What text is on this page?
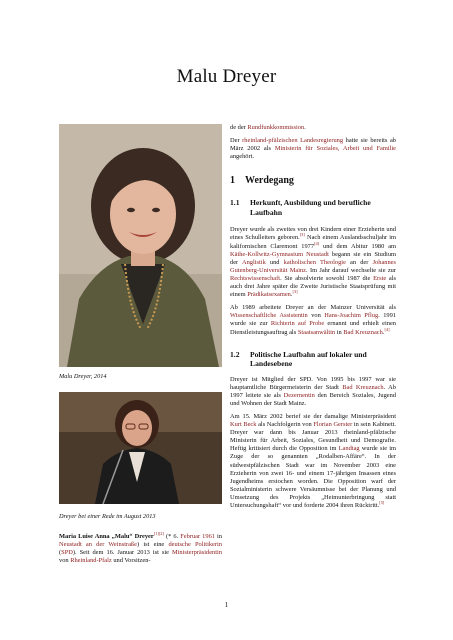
Malu Dreyer
Malu Dreyer, 2014
Dreyer bei einer Rede im August 2013

Maria Luise Anna „Malu“ Dreyer[1][2] (* 6. Februar 1961 in Neustadt an der Weinstraße) ist eine deutsche Politikerin (SPD). Seit dem 16. Januar 2013 ist sie Ministerpräsidentin von Rheinland-Pfalz und Vorsitzen-

de der Rundfunkkommission.

Der rheinland-pfälzischen Landesregierung hatte sie bereits ab März 2002 als Ministerin für Soziales, Arbeit und Familie angehört.

1 Werdegang
1.1	Herkunft, Ausbildung und berufliche Laufbahn

Dreyer wurde als zweites von drei Kindern einer Erzieherin und eines Schulleiters geboren.[3] Nach einem Auslandsschuljahr im kalifornischen Claremont 1977[4] und dem Abitur 1980 am Käthe-Kollwitz-Gymnasium Neustadt begann sie ein Studium der Anglistik und katholischen Theologie an der Johannes Gutenberg-Universität Mainz. Im Jahr darauf wechselte sie zur Rechtswissenschaft. Sie absolvierte sowohl 1987 die Erste als auch drei Jahre später die Zweite Juristische Staatsprüfung mit einem Prädikatsexamen.[3]

Ab 1989 arbeitete Dreyer an der Mainzer Universität als Wissenschaftliche Assistentin von Hans-Joachim Pflug. 1991 wurde sie zur Richterin auf Probe ernannt und erhielt einen Dienstleistungsauftrag als Staatsanwältin in Bad Kreuznach.[4]

1.2	Politische Laufbahn auf lokaler und Landesebene

Dreyer ist Mitglied der SPD. Von 1995 bis 1997 war sie hauptamtliche Bürgermeisterin der Stadt Bad Kreuznach. Ab 1997 leitete sie als Dezernentin den Bereich Soziales, Jugend und Wohnen der Stadt Mainz.

Am 15. März 2002 berief sie der damalige Ministerpräsident Kurt Beck als Nachfolgerin von Florian Gerster in sein Kabinett. Dreyer war dann bis Januar 2013 rheinland-pfälzische Ministerin für Arbeit, Soziales, Gesundheit und Demografie. Heftig kritisiert durch die Opposition im Landtag wurde sie im Zuge der so genannten „Rodalben-Affäre“. In der südwestpfälzischen Stadt war im November 2003 eine Erzieherin von zwei 16- und einem 17-jährigen Insassen eines Jugendheims erstochen worden. Die Opposition warf der Sozialministerin schwere Versäumnisse bei der Planung und Umsetzung des Projekts „Heimunterbringung statt Untersuchungshaft“ vor und forderte 2004 ihren Rücktritt.[5]

1
